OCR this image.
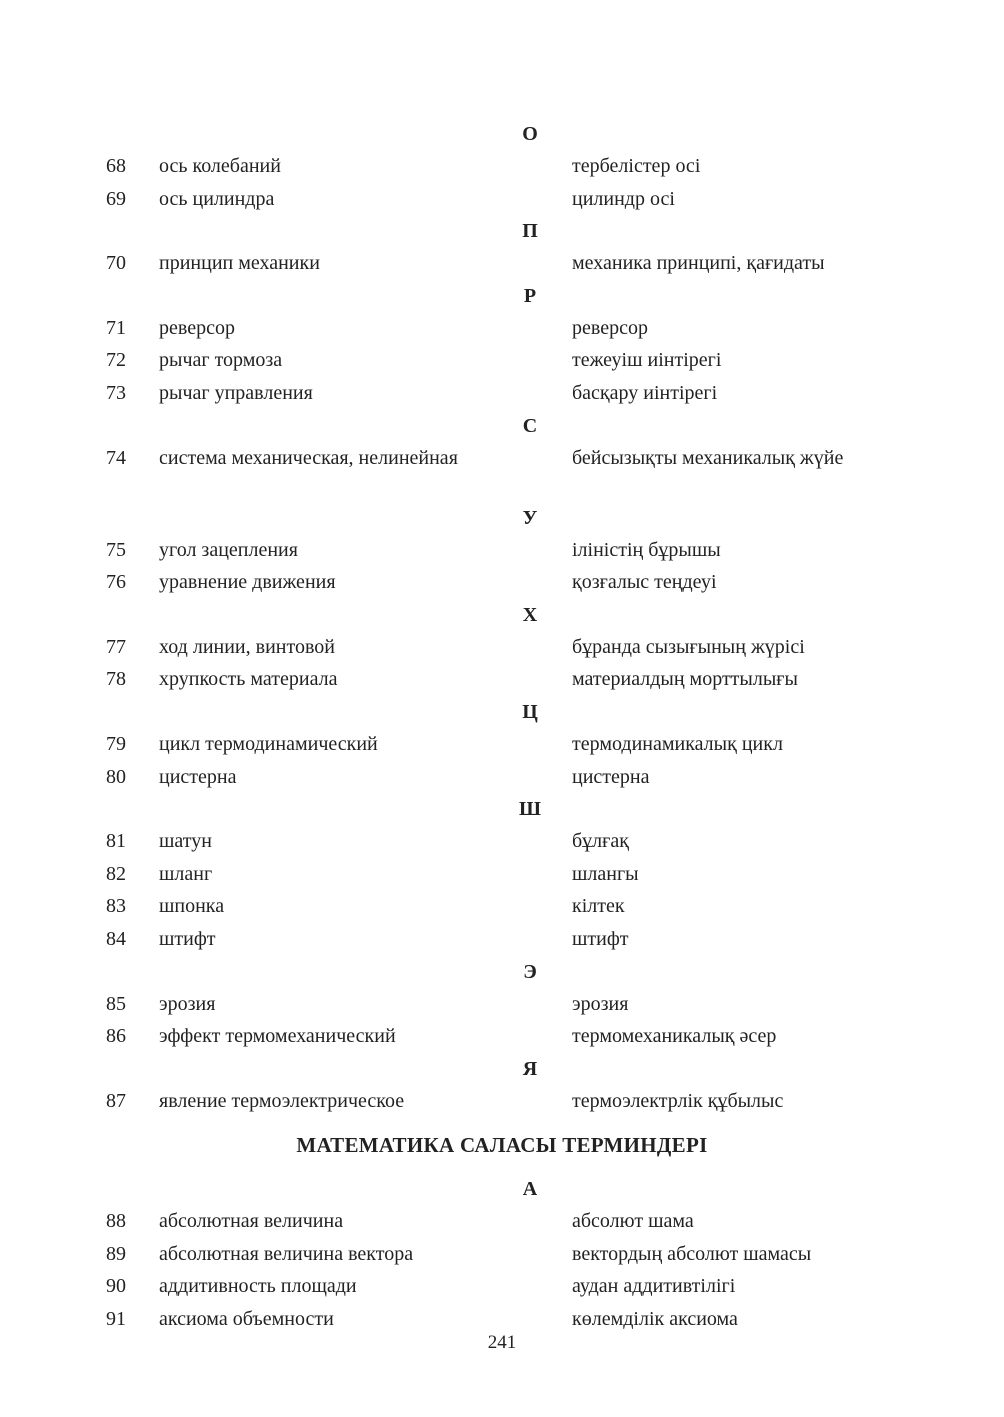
О
68 ось колебаний	тербелістер осі
69 ось цилиндра	цилиндр осі
П
70 принцип механики	механика принципі, қағидаты
Р
71 реверсор	реверсор
72 рычаг тормоза	тежеуіш иінтірегі
73 рычаг управления	басқару иінтірегі
С
74 система механическая, нелинейная	бейсызықты механикалық жүйе
У
75 угол зацепления	іліністің бұрышы
76 уравнение движения	қозғалыс теңдеуі
Х
77 ход линии, винтовой	бұранда сызығының жүрісі
78 хрупкость материала	материалдың морттылығы
Ц
79 цикл термодинамический	термодинамикалық цикл
80 цистерна	цистерна
Ш
81 шатун	бұлғақ
82 шланг	шлангы
83 шпонка	кілтек
84 штифт	штифт
Э
85 эрозия	эрозия
86 эффект термомеханический	термомеханикалық әсер
Я
87 явление термоэлектрическое	термоэлектрлік құбылыс
МАТЕМАТИКА САЛАСЫ ТЕРМИНДЕРІ
А
88 абсолютная величина	абсолют шама
89 абсолютная величина вектора	вектордың абсолют шамасы
90 аддитивность площади	аудан аддитивтілігі
91 аксиома объемности	көлемділік аксиома
241
